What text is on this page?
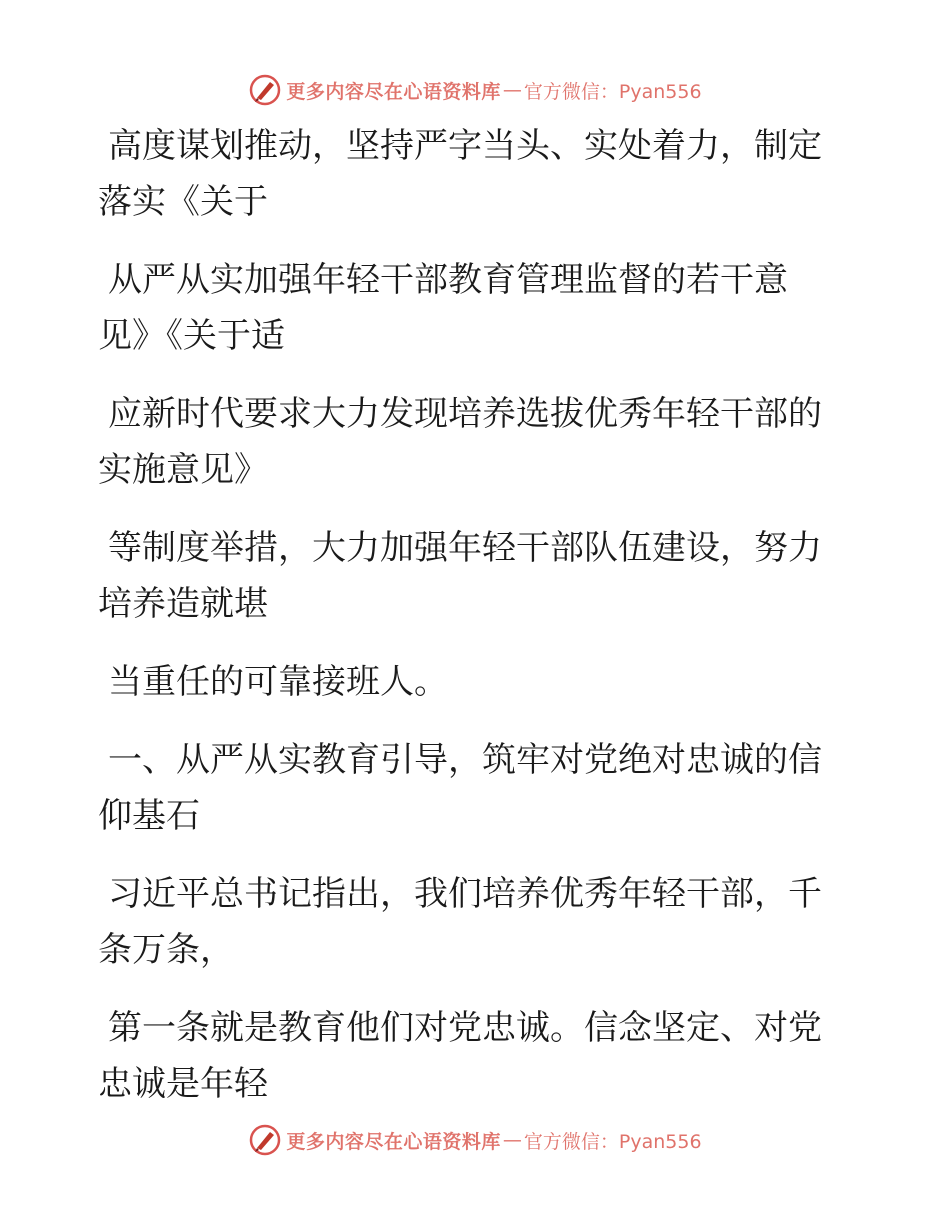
更多内容尽在心语资料库 — 官方微信：Pyan556
高度谋划推动，坚持严字当头、实处着力，制定
落实《关于
从严从实加强年轻干部教育管理监督的若干意
见》《关于适
应新时代要求大力发现培养选拔优秀年轻干部的
实施意见》
等制度举措，大力加强年轻干部队伍建设，努力
培养造就堪
当重任的可靠接班人。
一、从严从实教育引导，筑牢对党绝对忠诚的信
仰基石
习近平总书记指出，我们培养优秀年轻干部，千
条万条，
第一条就是教育他们对党忠诚。信念坚定、对党
忠诚是年轻
更多内容尽在心语资料库 — 官方微信：Pyan556
